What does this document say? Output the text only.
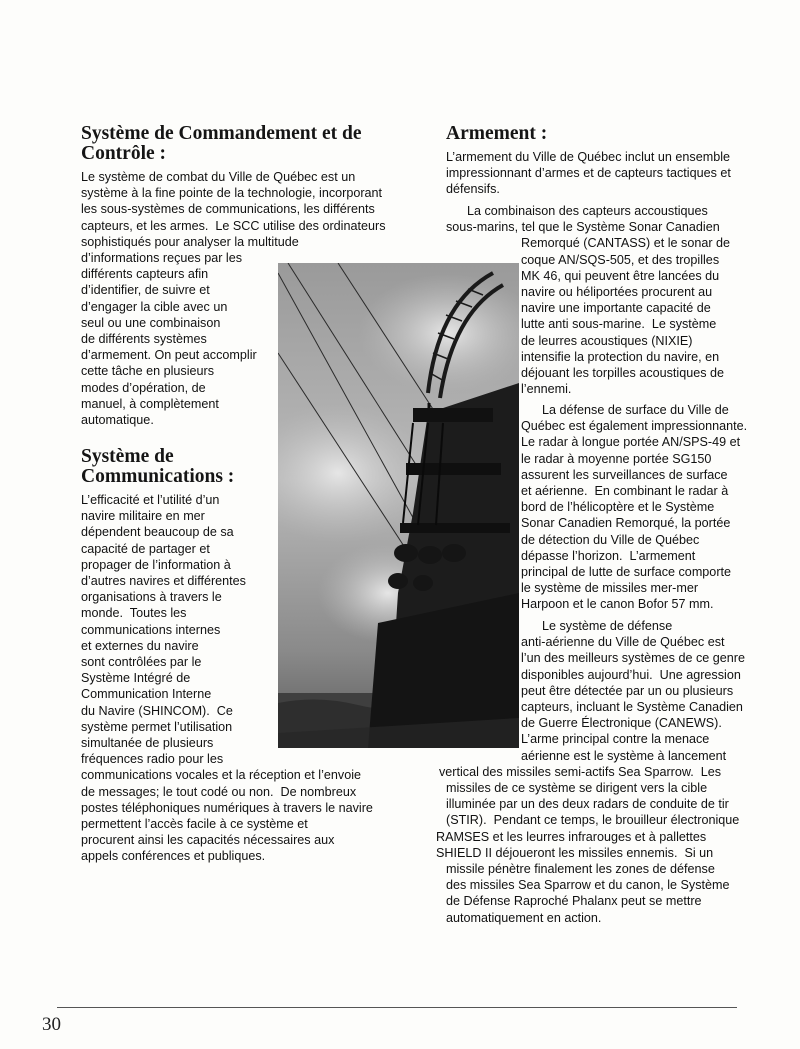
Système de Commandement et de
Contrôle :
Le système de combat du Ville de Québec est un
système à la fine pointe de la technologie, incorporant
les sous-systèmes de communications, les différents
capteurs, et les armes.  Le SCC utilise des ordinateurs
sophistiqués pour analyser la multitude
d’informations reçues par les
différents capteurs afin
d’identifier, de suivre et
d’engager la cible avec un
seul ou une combinaison
de différents systèmes
d’armement. On peut accomplir
cette tâche en plusieurs
modes d’opération, de
manuel, à complètement
automatique.
Système de
Communications :
L’efficacité et l’utilité d’un
navire militaire en mer
dépendent beaucoup de sa
capacité de partager et
propager de l’information à
d’autres navires et différentes
organisations à travers le
monde.  Toutes les
communications internes
et externes du navire
sont contrôlées par le
Système Intégré de
Communication Interne
du Navire (SHINCOM).  Ce
système permet l’utilisation
simultanée de plusieurs
fréquences radio pour les
communications vocales et la réception et l’envoie
de messages; le tout codé ou non.  De nombreux
postes téléphoniques numériques à travers le navire
permettent l’accès facile à ce système et
procurent ainsi les capacités nécessaires aux
appels conférences et publiques.
Armement :
L’armement du Ville de Québec inclut un ensemble
impressionnant d’armes et de capteurs tactiques et
défensifs.
La combinaison des capteurs accoustiques
sous-marins, tel que le Système Sonar Canadien
Remorqué (CANTASS) et le sonar de
coque AN/SQS-505, et des tropilles
MK 46, qui peuvent être lancées du
navire ou héliportées procurent au
navire une importante capacité de
lutte anti sous-marine.  Le système
de leurres acoustiques (NIXIE)
intensifie la protection du navire, en
déjouant les torpilles acoustiques de
l’ennemi.
La défense de surface du Ville de
Québec est également impressionnante.
Le radar à longue portée AN/SPS-49 et
le radar à moyenne portée SG150
assurent les surveillances de surface
et aérienne.  En combinant le radar à
bord de l’hélicoptère et le Système
Sonar Canadien Remorqué, la portée
de détection du Ville de Québec
dépasse l’horizon.  L’armement
principal de lutte de surface comporte
le système de missiles mer-mer
Harpoon et le canon Bofor 57 mm.
Le système de défense
anti-aérienne du Ville de Québec est
l’un des meilleurs systèmes de ce genre
disponibles aujourd’hui.  Une agression
peut être détectée par un ou plusieurs
capteurs, incluant le Système Canadien
de Guerre Électronique (CANEWS).
L’arme principal contre la menace
aérienne est le système à lancement
vertical des missiles semi-actifs Sea Sparrow.  Les
missiles de ce système se dirigent vers la cible
illuminée par un des deux radars de conduite de tir
(STIR).  Pendant ce temps, le brouilleur électronique
RAMSES et les leurres infrarouges et à pallettes
SHIELD II déjoueront les missiles ennemis.  Si un
missile pénètre finalement les zones de défense
des missiles Sea Sparrow et du canon, le Système
de Défense Raproché Phalanx peut se mettre
automatiquement en action.
30
